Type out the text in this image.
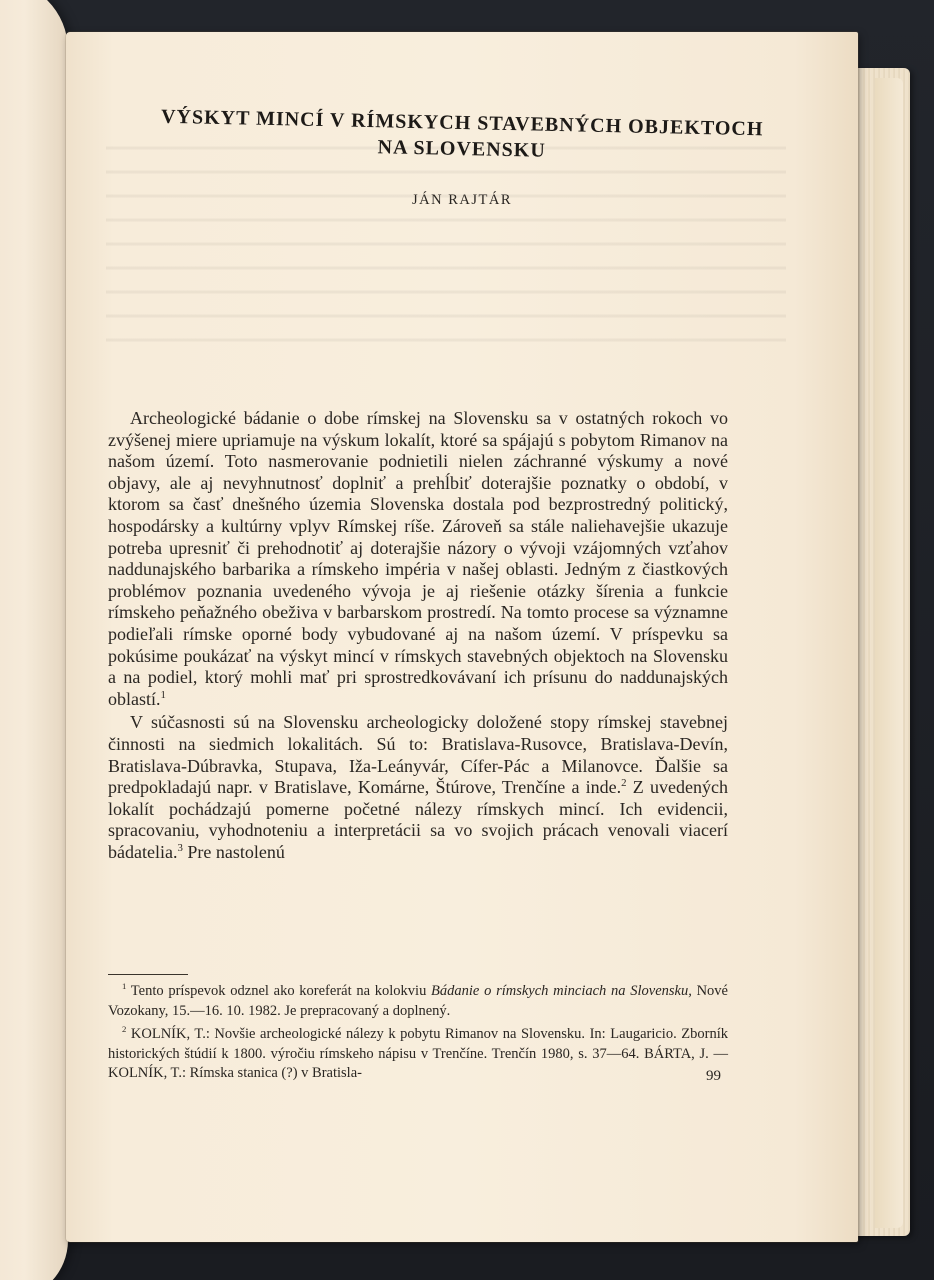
VÝSKYT MINCÍ V RÍMSKYCH STAVEBNÝCH OBJEKTOCH
NA SLOVENSKU
JÁN RAJTÁR

Archeologické bádanie o dobe rímskej na Slovensku sa v ostatných rokoch vo zvýšenej miere upriamuje na výskum lokalít, ktoré sa spájajú s pobytom Rimanov na našom území. Toto nasmerovanie podnietili nielen záchranné výskumy a nové objavy, ale aj nevyhnutnosť doplniť a prehĺbiť doterajšie poznatky o období, v ktorom sa časť dnešného územia Slovenska dostala pod bezprostredný politický, hospodársky a kultúrny vplyv Rímskej ríše. Zároveň sa stále naliehavejšie ukazuje potreba upresniť či prehodnotiť aj doterajšie názory o vývoji vzájomných vzťahov naddunajského barbarika a rímskeho impéria v našej oblasti. Jedným z čiastkových problémov poznania uvedeného vývoja je aj riešenie otázky šírenia a funkcie rímskeho peňažného obeživa v barbarskom prostredí. Na tomto procese sa významne podieľali rímske oporné body vybudované aj na našom území. V príspevku sa pokúsime poukázať na výskyt mincí v rímskych stavebných objektoch na Slovensku a na podiel, ktorý mohli mať pri sprostredkovávaní ich prísunu do naddunajských oblastí.$^1$

V súčasnosti sú na Slovensku archeologicky doložené stopy rímskej stavebnej činnosti na siedmich lokalitách. Sú to: Bratislava-Rusovce, Bratislava-Devín, Bratislava-Dúbravka, Stupava, Iža-Leányvár, Cífer-Pác a Milanovce. Ďalšie sa predpokladajú napr. v Bratislave, Komárne, Štúrove, Trenčíne a inde.$^2$ Z uvedených lokalít pochádzajú pomerne početné nálezy rímskych mincí. Ich evidencii, spracovaniu, vyhodnoteniu a interpretácii sa vo svojich prácach venovali viacerí bádatelia.$^3$ Pre nastolenú

$^1$ Tento príspevok odznel ako koreferát na kolokviu Bádanie o rímskych minciach na Slovensku, Nové Vozokany, 15.—16. 10. 1982. Je prepracovaný a doplnený.

$^2$ KOLNÍK, T.: Novšie archeologické nálezy k pobytu Rimanov na Slovensku. In: Laugaricio. Zborník historických štúdií k 1800. výročiu rímskeho nápisu v Trenčíne. Trenčín 1980, s. 37—64. BÁRTA, J. — KOLNÍK, T.: Rímska stanica (?) v Bratisla-	99
